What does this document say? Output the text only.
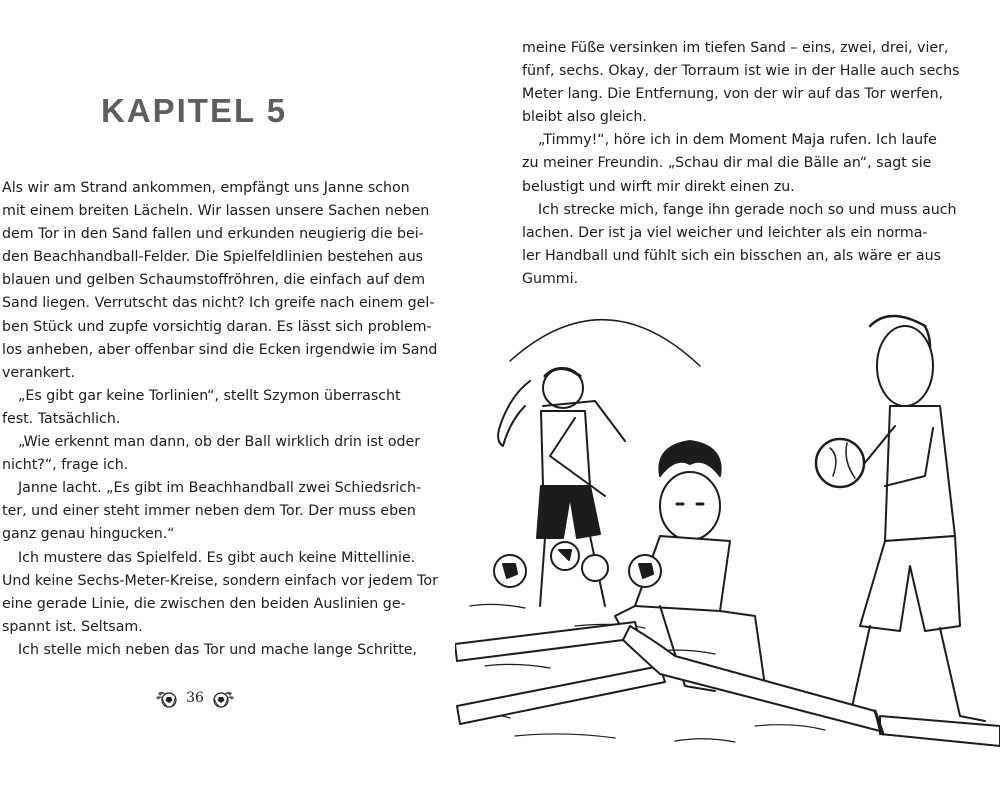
KAPITEL 5
Als wir am Strand ankommen, empfängt uns Janne schon
mit einem breiten Lächeln. Wir lassen unsere Sachen neben
dem Tor in den Sand fallen und erkunden neugierig die bei-
den Beachhandball-Felder. Die Spielfeldlinien bestehen aus
blauen und gelben Schaumstoffröhren, die einfach auf dem
Sand liegen. Verrutscht das nicht? Ich greife nach einem gel-
ben Stück und zupfe vorsichtig daran. Es lässt sich problem-
los anheben, aber offenbar sind die Ecken irgendwie im Sand
verankert.
„Es gibt gar keine Torlinien“, stellt Szymon überrascht
fest. Tatsächlich.
„Wie erkennt man dann, ob der Ball wirklich drin ist oder
nicht?“, frage ich.
Janne lacht. „Es gibt im Beachhandball zwei Schiedsrich-
ter, und einer steht immer neben dem Tor. Der muss eben
ganz genau hingucken.“
Ich mustere das Spielfeld. Es gibt auch keine Mittellinie.
Und keine Sechs-Meter-Kreise, sondern einfach vor jedem Tor
eine gerade Linie, die zwischen den beiden Auslinien ge-
spannt ist. Seltsam.
Ich stelle mich neben das Tor und mache lange Schritte,
36
meine Füße versinken im tiefen Sand – eins, zwei, drei, vier,
fünf, sechs. Okay, der Torraum ist wie in der Halle auch sechs
Meter lang. Die Entfernung, von der wir auf das Tor werfen,
bleibt also gleich.
„Timmy!“, höre ich in dem Moment Maja rufen. Ich laufe
zu meiner Freundin. „Schau dir mal die Bälle an“, sagt sie
belustigt und wirft mir direkt einen zu.
Ich strecke mich, fange ihn gerade noch so und muss auch
lachen. Der ist ja viel weicher und leichter als ein norma-
ler Handball und fühlt sich ein bisschen an, als wäre er aus
Gummi.
